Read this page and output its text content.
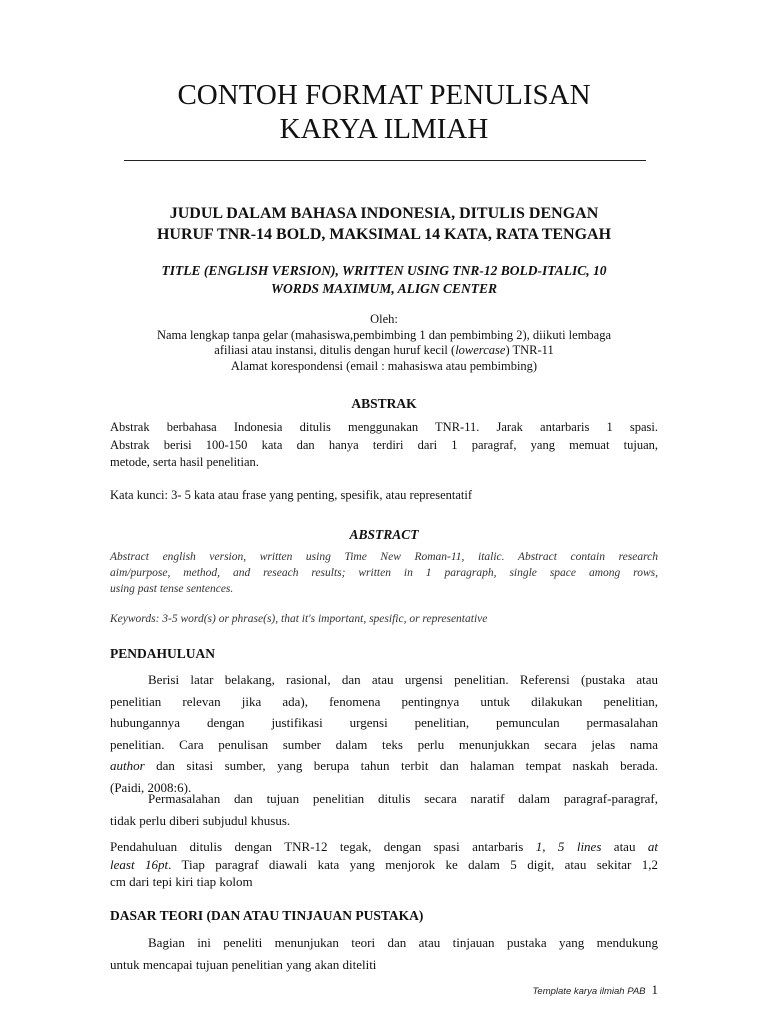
CONTOH FORMAT PENULISAN
KARYA ILMIAH
JUDUL DALAM BAHASA INDONESIA, DITULIS DENGAN
HURUF TNR-14 BOLD, MAKSIMAL 14 KATA, RATA TENGAH
TITLE (ENGLISH VERSION), WRITTEN USING TNR-12 BOLD-ITALIC, 10
WORDS MAXIMUM, ALIGN CENTER
Oleh:
Nama lengkap tanpa gelar (mahasiswa,pembimbing 1 dan pembimbing 2), diikuti lembaga
afiliasi atau instansi, ditulis dengan huruf kecil (lowercase) TNR-11
Alamat korespondensi (email : mahasiswa atau pembimbing)
ABSTRAK
Abstrak berbahasa Indonesia ditulis menggunakan TNR-11. Jarak antarbaris 1 spasi.
Abstrak berisi 100-150 kata dan hanya terdiri dari 1 paragraf, yang memuat tujuan,
metode, serta hasil penelitian.
Kata kunci: 3- 5 kata atau frase yang penting, spesifik, atau representatif
ABSTRACT
Abstract english version, written using Time New Roman-11, italic. Abstract contain research
aim/purpose, method, and reseach results; written in 1 paragraph, single space among rows,
using past tense sentences.
Keywords: 3-5 word(s) or phrase(s), that it's important, spesific, or representative
PENDAHULUAN
Berisi latar belakang, rasional, dan atau urgensi penelitian. Referensi (pustaka atau
penelitian relevan jika ada), fenomena pentingnya untuk dilakukan penelitian,
hubungannya dengan justifikasi urgensi penelitian, pemunculan permasalahan
penelitian. Cara penulisan sumber dalam teks perlu menunjukkan secara jelas nama
author dan sitasi sumber, yang berupa tahun terbit dan halaman tempat naskah berada.
(Paidi, 2008:6).
Permasalahan dan tujuan penelitian ditulis secara naratif dalam paragraf-paragraf,
tidak perlu diberi subjudul khusus.
Pendahuluan ditulis dengan TNR-12 tegak, dengan spasi antarbaris 1, 5 lines atau at
least 16pt. Tiap paragraf diawali kata yang menjorok ke dalam 5 digit, atau sekitar 1,2
cm dari tepi kiri tiap kolom
DASAR TEORI (DAN ATAU TINJAUAN PUSTAKA)
Bagian ini peneliti menunjukan teori dan atau tinjauan pustaka yang mendukung
untuk mencapai tujuan penelitian yang akan diteliti
Template karya ilmiah PAB 1
